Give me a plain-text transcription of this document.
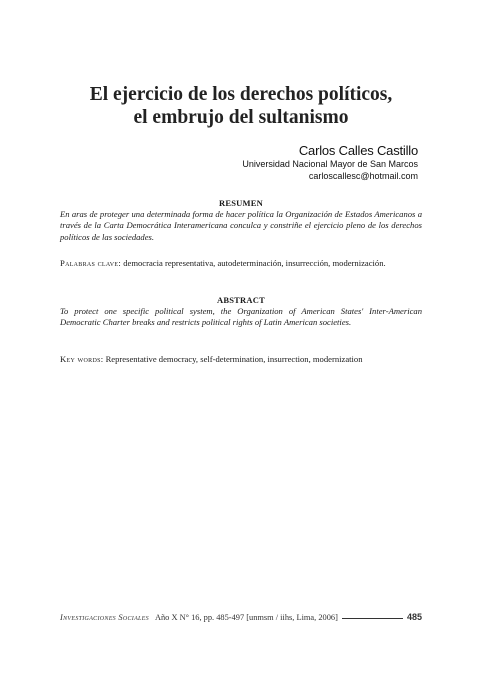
El ejercicio de los derechos políticos,
el embrujo del sultanismo
Carlos Calles Castillo
Universidad Nacional Mayor de San Marcos
carloscallesc@hotmail.com
RESUMEN
En aras de proteger una determinada forma de hacer política la Organización de Estados Americanos a través de la Carta Democrática Interamericana conculca y constriñe el ejercicio pleno de los derechos políticos de las sociedades.
Palabras clave: democracia representativa, autodeterminación, insurrección, modernización.
ABSTRACT
To protect one specific political system, the Organization of American States' Inter-American Democratic Charter breaks and restricts political rights of Latin American societies.
Key words: Representative democracy, self-determination, insurrection, modernization
Investigaciones Sociales Año X N° 16, pp. 485-497 [unmsm / iihs, Lima, 2006]	485
